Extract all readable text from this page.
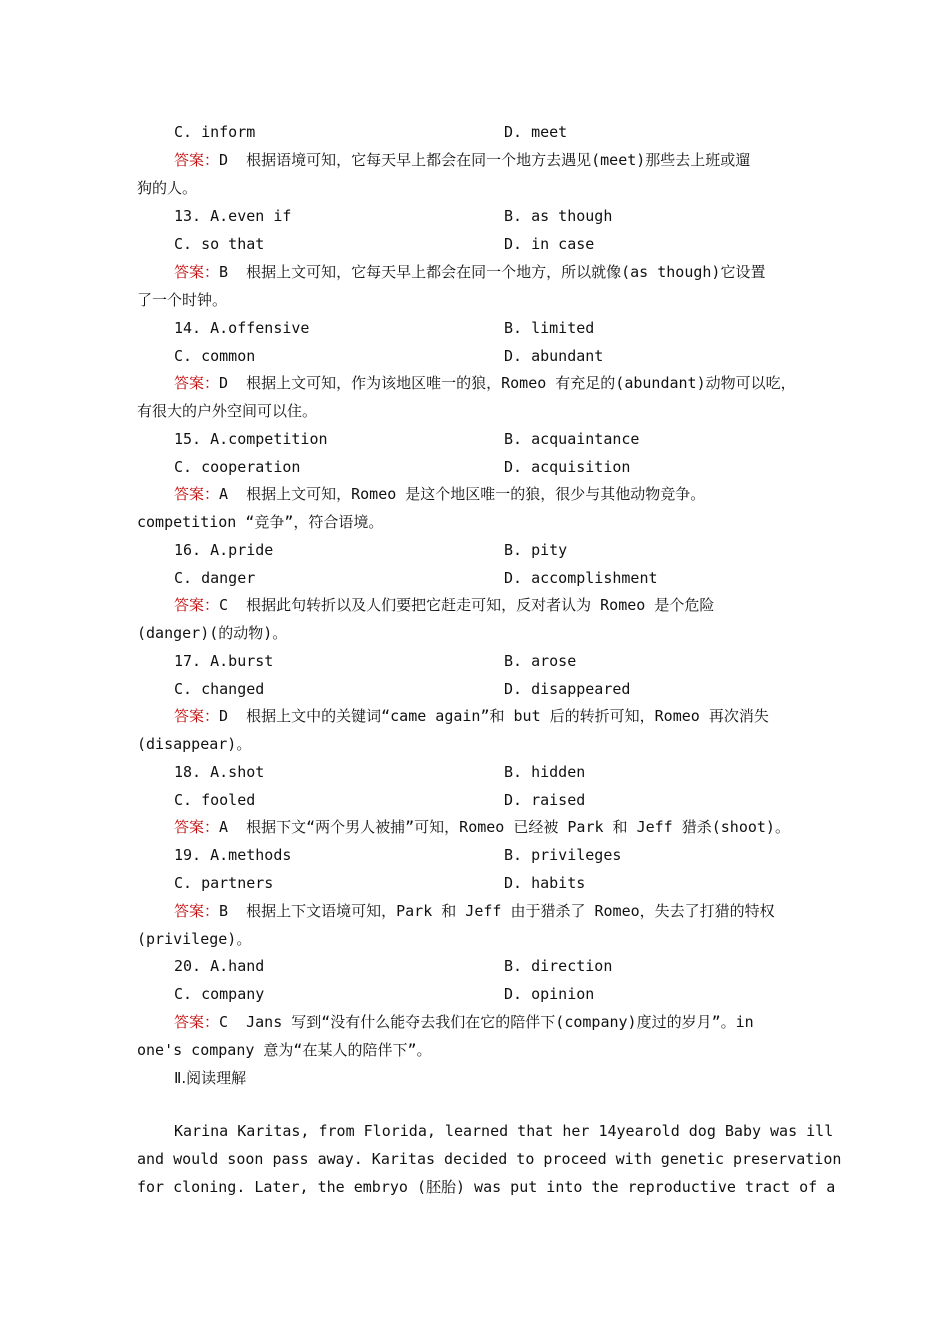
C. inform	D. meet
答案：D  根据语境可知，它每天早上都会在同一个地方去遇见(meet)那些去上班或遛
狗的人。
13. A.even if	B. as though
C. so that	D. in case
答案：B  根据上文可知，它每天早上都会在同一个地方，所以就像(as though)它设置
了一个时钟。
14. A.offensive	B. limited
C. common	D. abundant
答案：D  根据上文可知，作为该地区唯一的狼，Romeo 有充足的(abundant)动物可以吃，
有很大的户外空间可以住。
15. A.competition	B. acquaintance
C. cooperation	D. acquisition
答案：A  根据上文可知，Romeo 是这个地区唯一的狼，很少与其他动物竞争。
competition “竞争”，符合语境。
16. A.pride	B. pity
C. danger	D. accomplishment
答案：C  根据此句转折以及人们要把它赶走可知，反对者认为 Romeo 是个危险
(danger)(的动物)。
17. A.burst	B. arose
C. changed	D. disappeared
答案：D  根据上文中的关键词“came again”和 but 后的转折可知，Romeo 再次消失
(disappear)。
18. A.shot	B. hidden
C. fooled	D. raised
答案：A  根据下文“两个男人被捕”可知，Romeo 已经被 Park 和 Jeff 猎杀(shoot)。
19. A.methods	B. privileges
C. partners	D. habits
答案：B  根据上下文语境可知，Park 和 Jeff 由于猎杀了 Romeo，失去了打猎的特权
(privilege)。
20. A.hand	B. direction
C. company	D. opinion
答案：C  Jans 写到“没有什么能夺去我们在它的陪伴下(company)度过的岁月”。in
one's company 意为“在某人的陪伴下”。
Ⅱ.阅读理解
Karina Karitas, from Florida, learned that her 14yearold dog Baby was ill
and would soon pass away. Karitas decided to proceed with genetic preservation
for cloning. Later, the embryo (胚胎) was put into the reproductive tract of a
